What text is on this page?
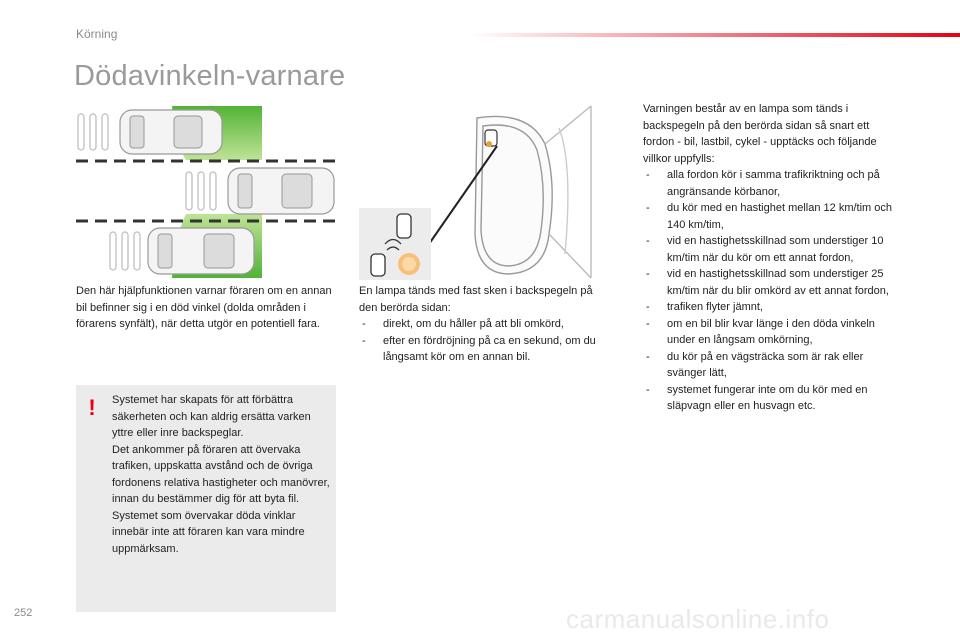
Körning
Dödavinkeln-varnare

Den här hjälpfunktionen varnar föraren om en annan bil befinner sig i en död vinkel (dolda områden i förarens synfält), när detta utgör en potentiell fara.

! Systemet har skapats för att förbättra säkerheten och kan aldrig ersätta varken yttre eller inre backspeglar.

Det ankommer på föraren att övervaka trafiken, uppskatta avstånd och de övriga fordonens relativa hastigheter och manövrer, innan du bestämmer dig för att byta fil.

Systemet som övervakar döda vinklar innebär inte att föraren kan vara mindre uppmärksam.

En lampa tänds med fast sken i backspegeln på den berörda sidan:

- direkt, om du håller på att bli omkörd,
- efter en fördröjning på ca en sekund, om du långsamt kör om en annan bil.

Varningen består av en lampa som tänds i backspegeln på den berörda sidan så snart ett fordon - bil, lastbil, cykel - upptäcks och följande villkor uppfylls:

- alla fordon kör i samma trafikriktning och på angränsande körbanor,
- du kör med en hastighet mellan 12 km/tim och 140 km/tim,
- vid en hastighetsskillnad som understiger 10 km/tim när du kör om ett annat fordon,
- vid en hastighetsskillnad som understiger 25 km/tim när du blir omkörd av ett annat fordon,
- trafiken flyter jämnt,
- om en bil blir kvar länge i den döda vinkeln under en långsam omkörning,
- du kör på en vägsträcka som är rak eller svänger lätt,
- systemet fungerar inte om du kör med en släpvagn eller en husvagn etc.
252	carmanualsonline.info
